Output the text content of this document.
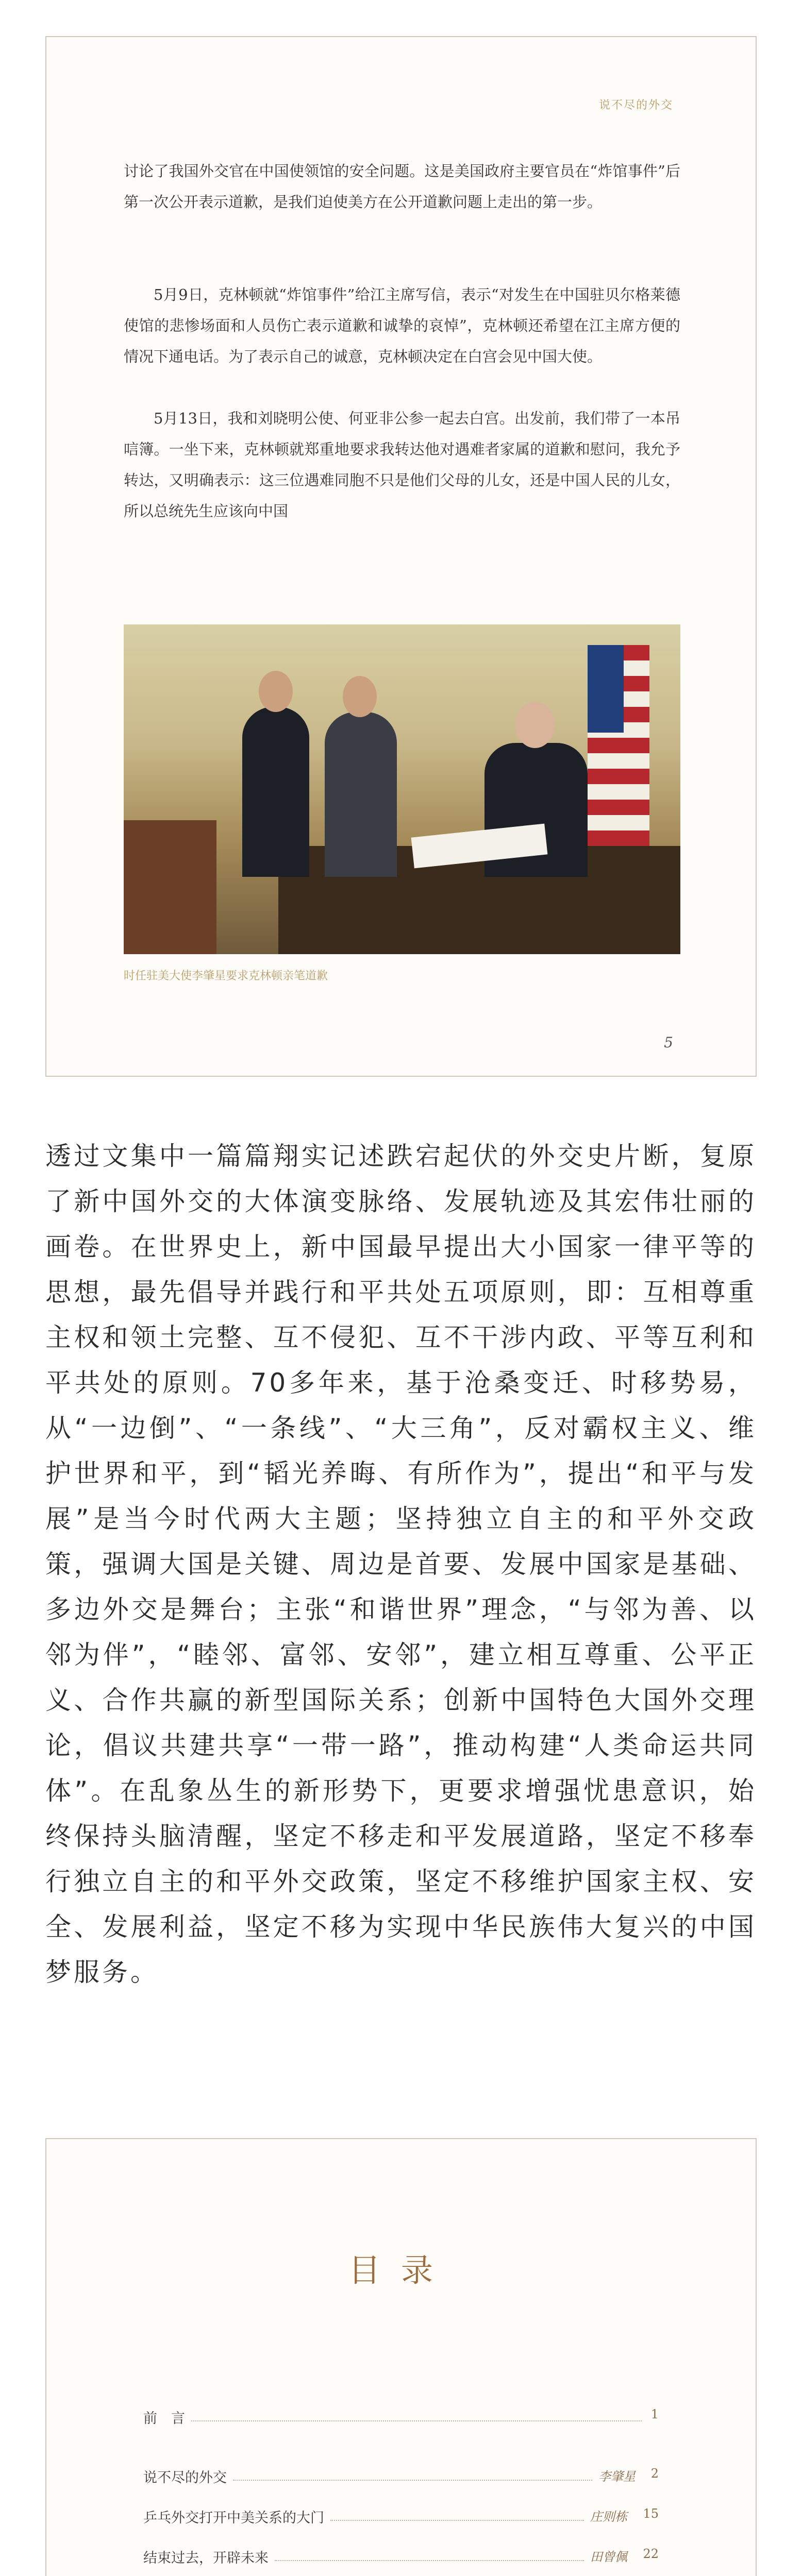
说不尽的外交
讨论了我国外交官在中国使领馆的安全问题。这是美国政府主要官员在“炸馆事件”后第一次公开表示道歉，是我们迫使美方在公开道歉问题上走出的第一步。
5月9日，克林顿就“炸馆事件”给江主席写信，表示“对发生在中国驻贝尔格莱德使馆的悲惨场面和人员伤亡表示道歉和诚挚的哀悼”，克林顿还希望在江主席方便的情况下通电话。为了表示自己的诚意，克林顿决定在白宫会见中国大使。
5月13日，我和刘晓明公使、何亚非公参一起去白宫。出发前，我们带了一本吊唁簿。一坐下来，克林顿就郑重地要求我转达他对遇难者家属的道歉和慰问，我允予转达，又明确表示：这三位遇难同胞不只是他们父母的儿女，还是中国人民的儿女，所以总统先生应该向中国
时任驻美大使李肇星要求克林顿亲笔道歉
5
透过文集中一篇篇翔实记述跌宕起伏的外交史片断，复原了新中国外交的大体演变脉络、发展轨迹及其宏伟壮丽的画卷。在世界史上，新中国最早提出大小国家一律平等的思想，最先倡导并践行和平共处五项原则，即：互相尊重主权和领土完整、互不侵犯、互不干涉内政、平等互利和平共处的原则。70多年来，基于沧桑变迁、时移势易，从“一边倒”、“一条线”、“大三角”，反对霸权主义、维护世界和平，到“韬光养晦、有所作为”，提出“和平与发展”是当今时代两大主题；坚持独立自主的和平外交政策，强调大国是关键、周边是首要、发展中国家是基础、多边外交是舞台；主张“和谐世界”理念，“与邻为善、以邻为伴”，“睦邻、富邻、安邻”，建立相互尊重、公平正义、合作共赢的新型国际关系；创新中国特色大国外交理论，倡议共建共享“一带一路”，推动构建“人类命运共同体”。在乱象丛生的新形势下，更要求增强忧患意识，始终保持头脑清醒，坚定不移走和平发展道路，坚定不移奉行独立自主的和平外交政策，坚定不移维护国家主权、安全、发展利益，坚定不移为实现中华民族伟大复兴的中国梦服务。
目录
前　言	1
说不尽的外交	李肇星 2
乒乓外交打开中美关系的大门	庄则栋 15
结束过去，开辟未来	田曾佩 22
